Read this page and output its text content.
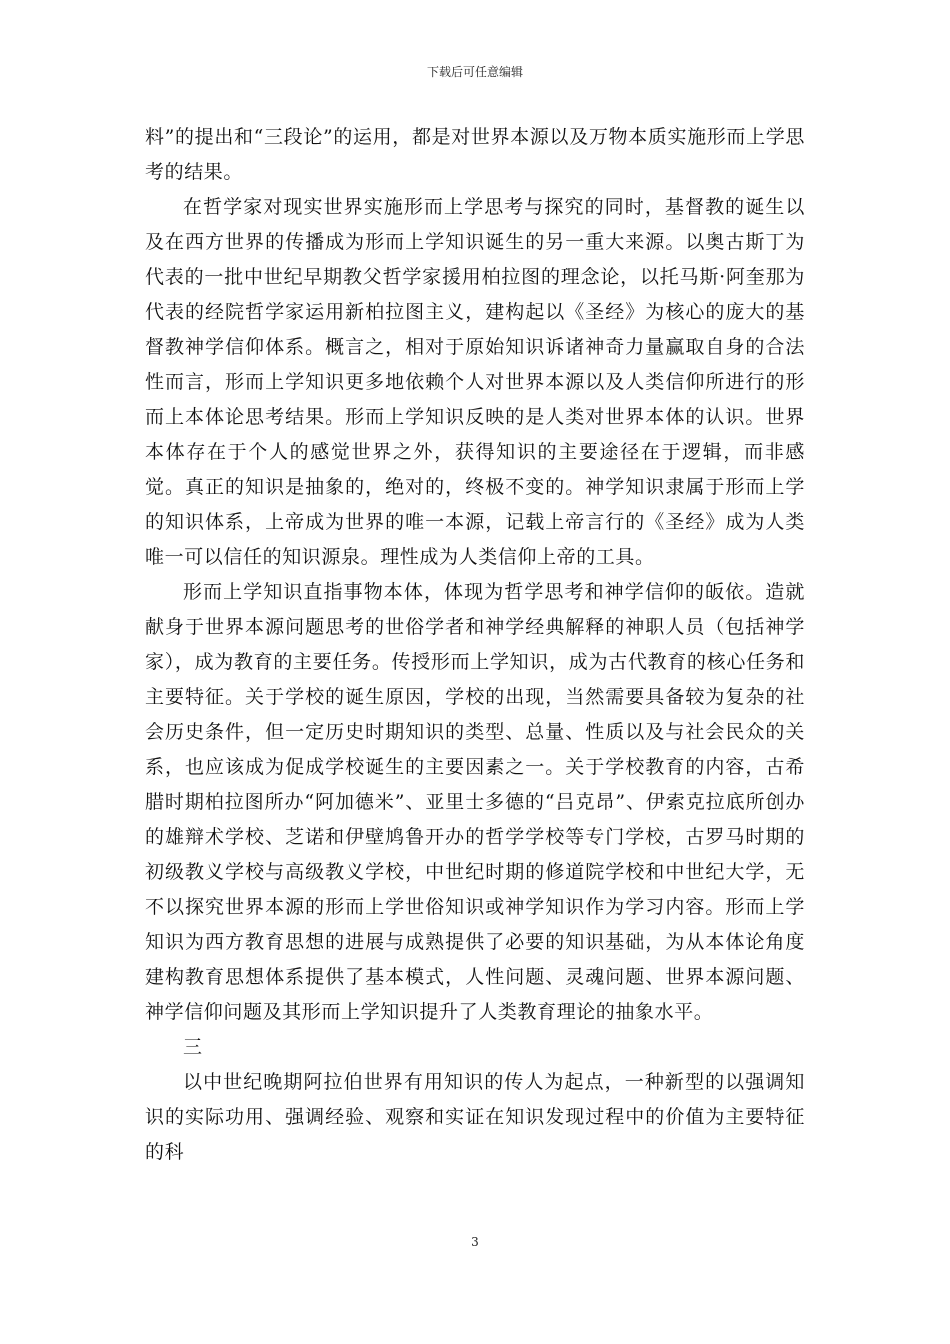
下载后可任意编辑

料”的提出和“三段论”的运用，都是对世界本源以及万物本质实施形而上学思考的结果。

在哲学家对现实世界实施形而上学思考与探究的同时，基督教的诞生以及在西方世界的传播成为形而上学知识诞生的另一重大来源。以奥古斯丁为代表的一批中世纪早期教父哲学家援用柏拉图的理念论，以托马斯·阿奎那为代表的经院哲学家运用新柏拉图主义，建构起以《圣经》为核心的庞大的基督教神学信仰体系。概言之，相对于原始知识诉诸神奇力量赢取自身的合法性而言，形而上学知识更多地依赖个人对世界本源以及人类信仰所进行的形而上本体论思考结果。形而上学知识反映的是人类对世界本体的认识。世界本体存在于个人的感觉世界之外，获得知识的主要途径在于逻辑，而非感觉。真正的知识是抽象的，绝对的，终极不变的。神学知识隶属于形而上学的知识体系，上帝成为世界的唯一本源，记载上帝言行的《圣经》成为人类唯一可以信任的知识源泉。理性成为人类信仰上帝的工具。

形而上学知识直指事物本体，体现为哲学思考和神学信仰的皈依。造就献身于世界本源问题思考的世俗学者和神学经典解释的神职人员（包括神学家），成为教育的主要任务。传授形而上学知识，成为古代教育的核心任务和主要特征。关于学校的诞生原因，学校的出现，当然需要具备较为复杂的社会历史条件，但一定历史时期知识的类型、总量、性质以及与社会民众的关系，也应该成为促成学校诞生的主要因素之一。关于学校教育的内容，古希腊时期柏拉图所办“阿加德米”、亚里士多德的“吕克昂”、伊索克拉底所创办的雄辩术学校、芝诺和伊壁鸠鲁开办的哲学学校等专门学校，古罗马时期的初级教义学校与高级教义学校，中世纪时期的修道院学校和中世纪大学，无不以探究世界本源的形而上学世俗知识或神学知识作为学习内容。形而上学知识为西方教育思想的进展与成熟提供了必要的知识基础，为从本体论角度建构教育思想体系提供了基本模式，人性问题、灵魂问题、世界本源问题、神学信仰问题及其形而上学知识提升了人类教育理论的抽象水平。

三

以中世纪晚期阿拉伯世界有用知识的传人为起点，一种新型的以强调知识的实际功用、强调经验、观察和实证在知识发现过程中的价值为主要特征的科

3
